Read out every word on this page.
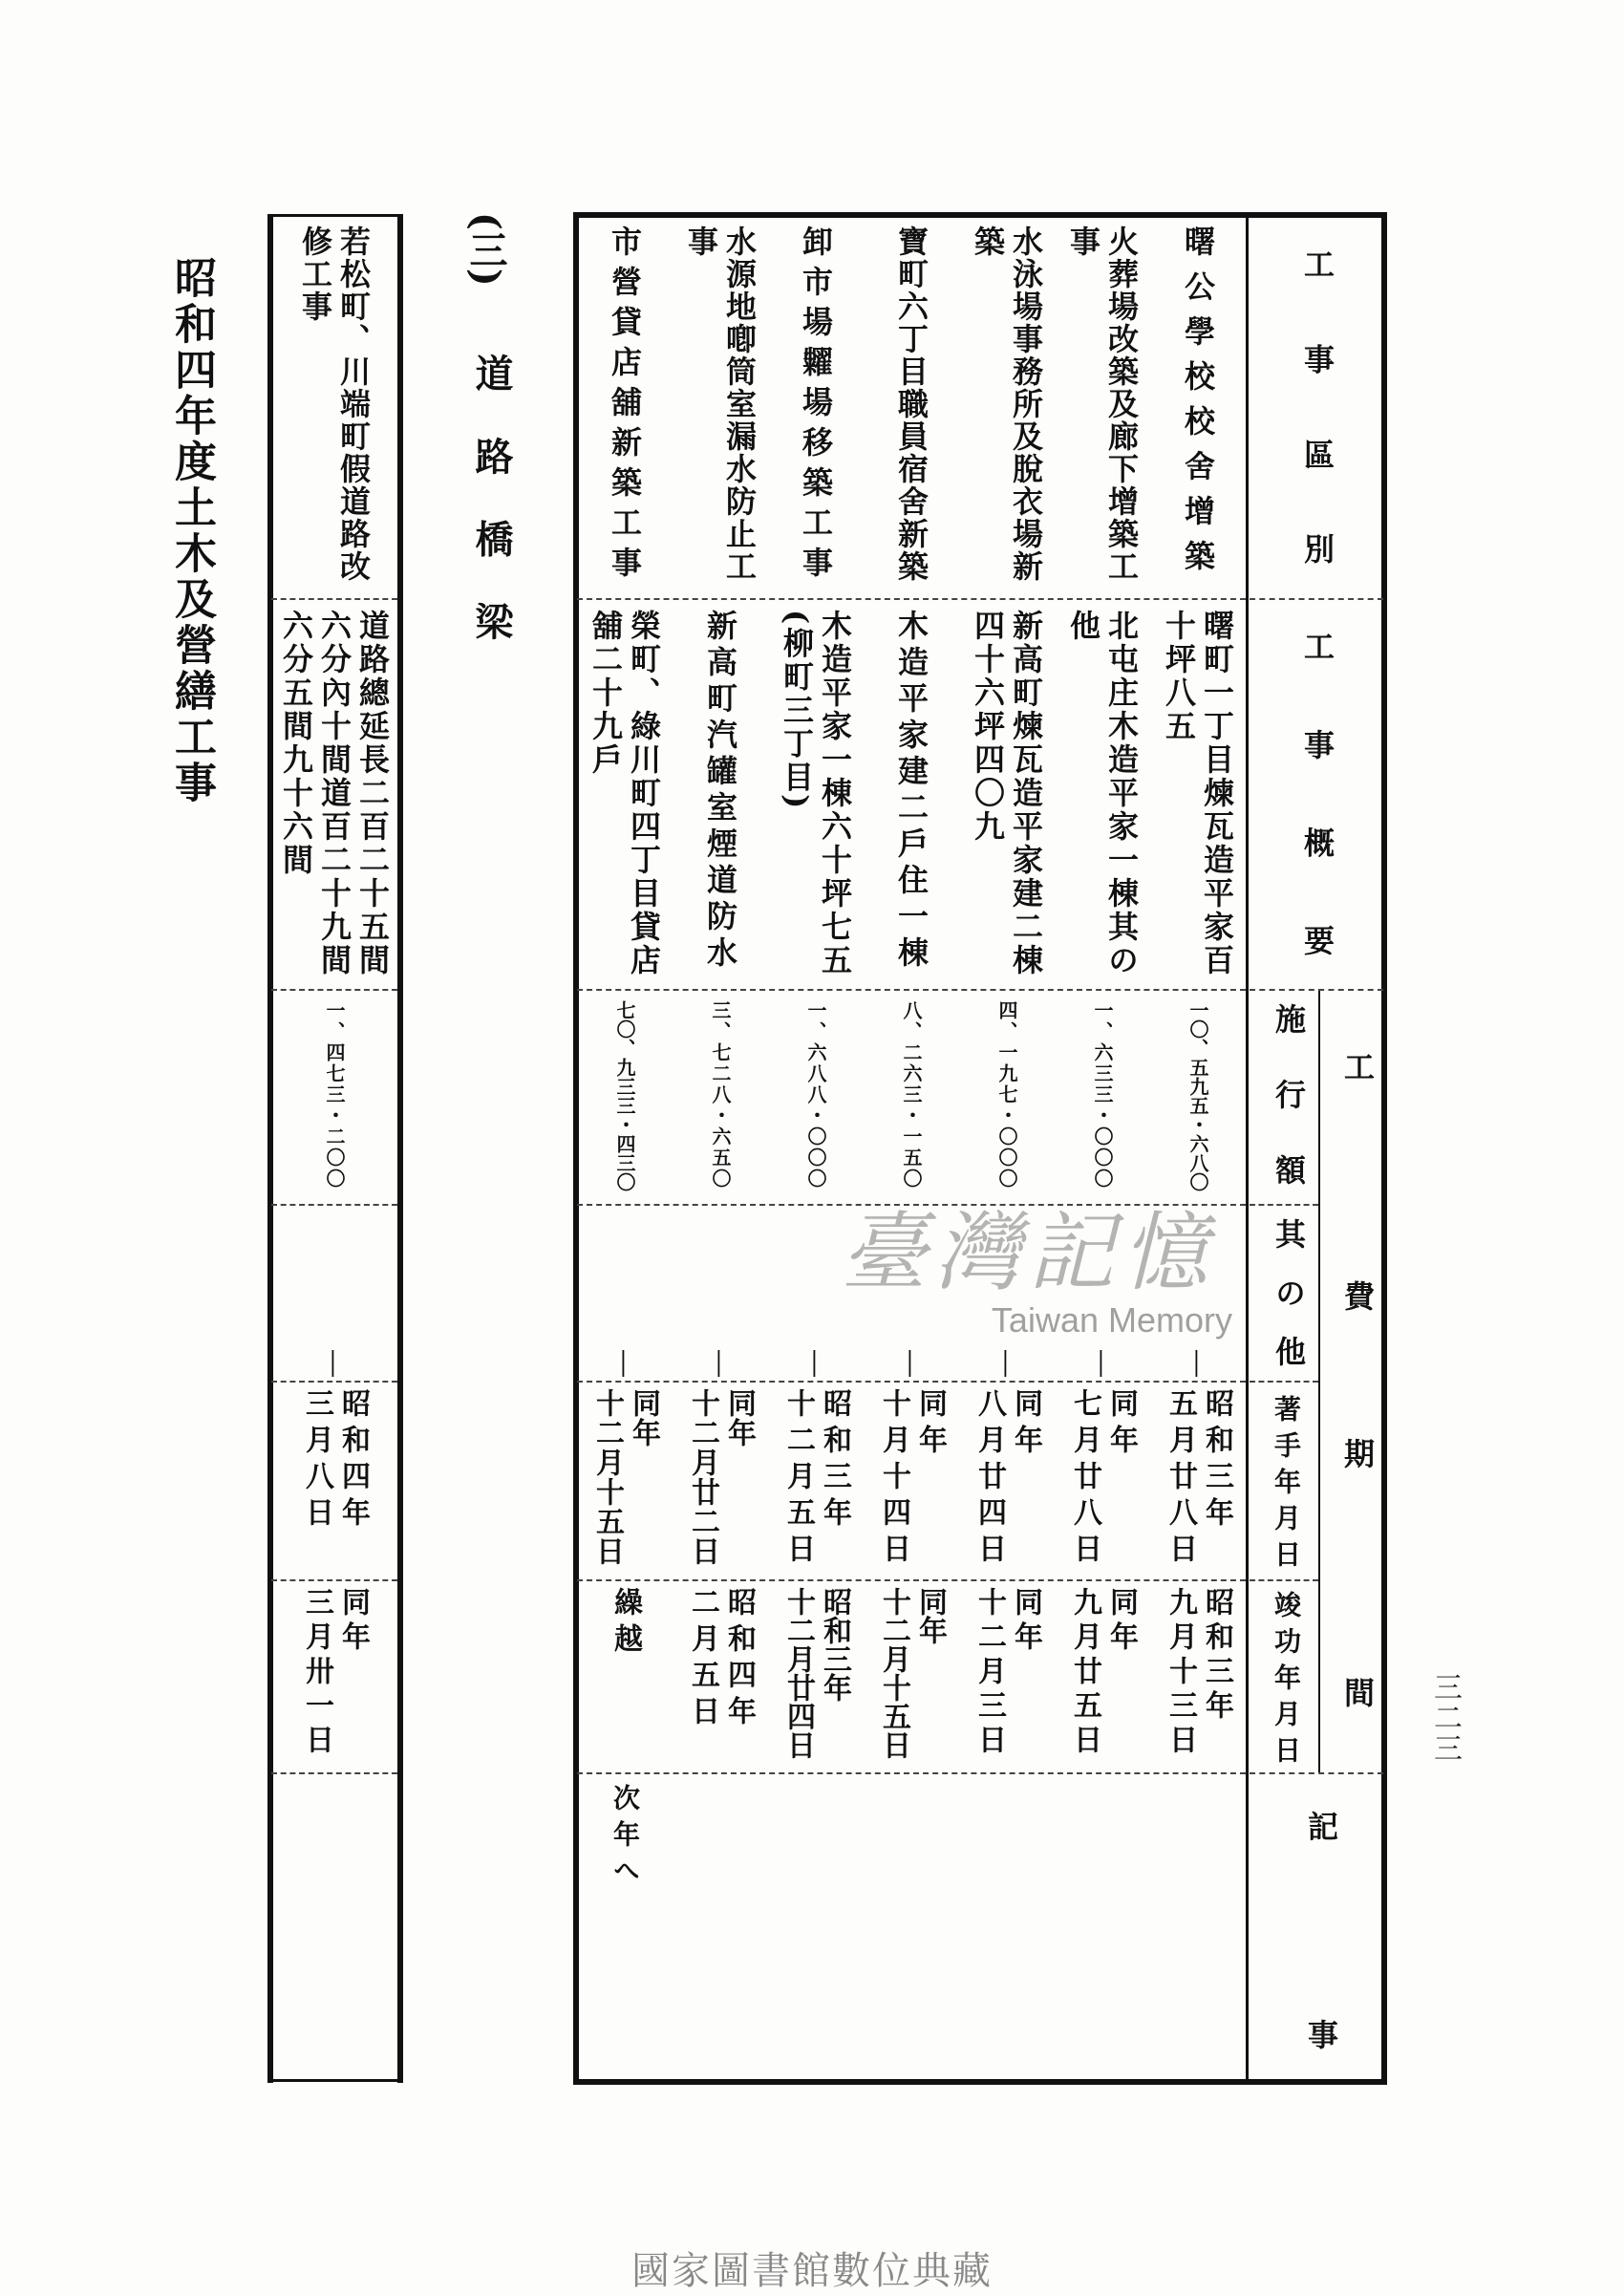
昭和四年度土木及營繕工事
三二三
工事區別
工事概要
工
費
施行額
其の他
期
間
著手年月日
竣功年月日
記事
(三)
道路橋梁
臺灣記憶
Taiwan Memory
國家圖書館數位典藏
曙公學校校舍增築
曙町一丁目煉瓦造平家百
十坪八五
一〇、五九五・六八〇
―
昭和三年
五月廿八日
昭和三年
九月十三日
火葬場改築及廊下增築工
事
北屯庄木造平家一棟其の
他
一、六三三・〇〇〇
―
同年
七月廿八日
同年
九月廿五日
水泳場事務所及脫衣場新
築
新高町煉瓦造平家建二棟
四十六坪四〇九
四、一九七・〇〇〇
―
同年
八月廿四日
同年
十二月三日
寶町六丁目職員宿舍新築
木造平家建二戶住一棟
八、二六三・一五〇
―
同年
十月十四日
同年
十二月十五日
卸市場糶場移築工事
木造平家一棟六十坪七五
(柳町三丁目)
一、六八八・〇〇〇
―
昭和三年
十二月五日
昭和三年
十二月廿四日
水源地喞筒室漏水防止工
事
新高町汽罐室煙道防水
三、七二八・六五〇
―
同年
十二月廿二日
昭和四年
二月五日
市營貸店舖新築工事
榮町、綠川町四丁目貸店
舖二十九戶
七〇、九三三・四三〇
―
同年
十二月十五日
繰越
次年へ
若松町、川端町假道路改
修工事
道路總延長二百二十五間
六分內十間道百二十九間
六分五間九十六間
一、四七三・二〇〇
―
昭和四年
三月八日
同年
三月卅一日
